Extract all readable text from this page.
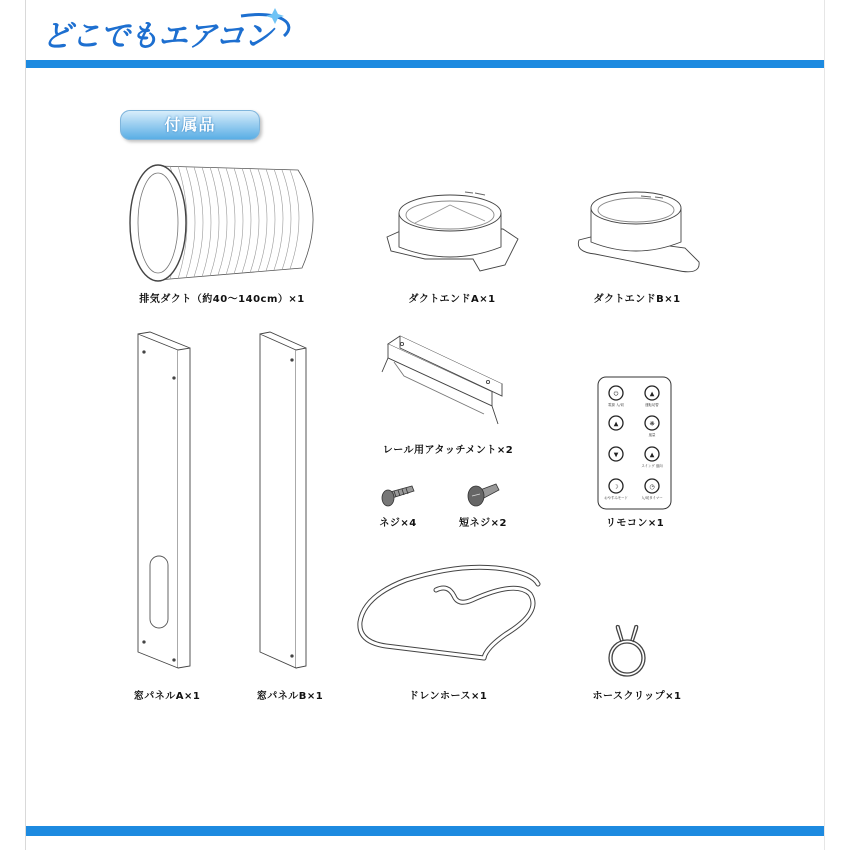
どこでもエアコン
付属品
排気ダクト（約40～140cm）×1	ダクトエンドA×1	ダクトエンドB×1
窓パネルA×1	窓パネルB×1
レール用アタッチメント×2
ネジ×4	短ネジ×2
⏻
電源 入/切
▲
運転切替
▲	❋
風量
▼	▲
スイング 風向
☽
おやすみモード
◷
入/切タイマー
リモコン×1
ドレンホース×1	ホースクリップ×1
